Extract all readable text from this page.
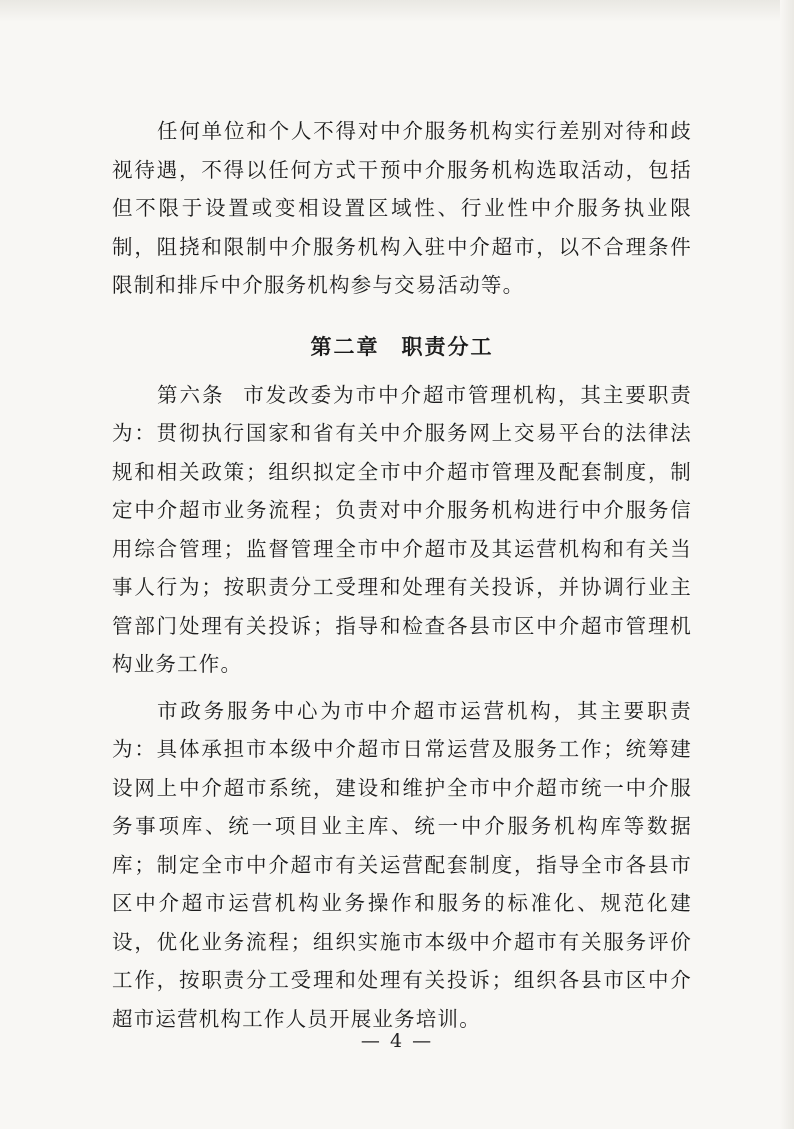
任何单位和个人不得对中介服务机构实行差别对待和歧视待遇，不得以任何方式干预中介服务机构选取活动，包括但不限于设置或变相设置区域性、行业性中介服务执业限制，阻挠和限制中介服务机构入驻中介超市，以不合理条件限制和排斥中介服务机构参与交易活动等。

第二章 职责分工

第六条 市发改委为市中介超市管理机构，其主要职责为：贯彻执行国家和省有关中介服务网上交易平台的法律法规和相关政策；组织拟定全市中介超市管理及配套制度，制定中介超市业务流程；负责对中介服务机构进行中介服务信用综合管理；监督管理全市中介超市及其运营机构和有关当事人行为；按职责分工受理和处理有关投诉，并协调行业主管部门处理有关投诉；指导和检查各县市区中介超市管理机构业务工作。

市政务服务中心为市中介超市运营机构，其主要职责为：具体承担市本级中介超市日常运营及服务工作；统筹建设网上中介超市系统，建设和维护全市中介超市统一中介服务事项库、统一项目业主库、统一中介服务机构库等数据库；制定全市中介超市有关运营配套制度，指导全市各县市区中介超市运营机构业务操作和服务的标准化、规范化建设，优化业务流程；组织实施市本级中介超市有关服务评价工作，按职责分工受理和处理有关投诉；组织各县市区中介超市运营机构工作人员开展业务培训。

— 4 —
